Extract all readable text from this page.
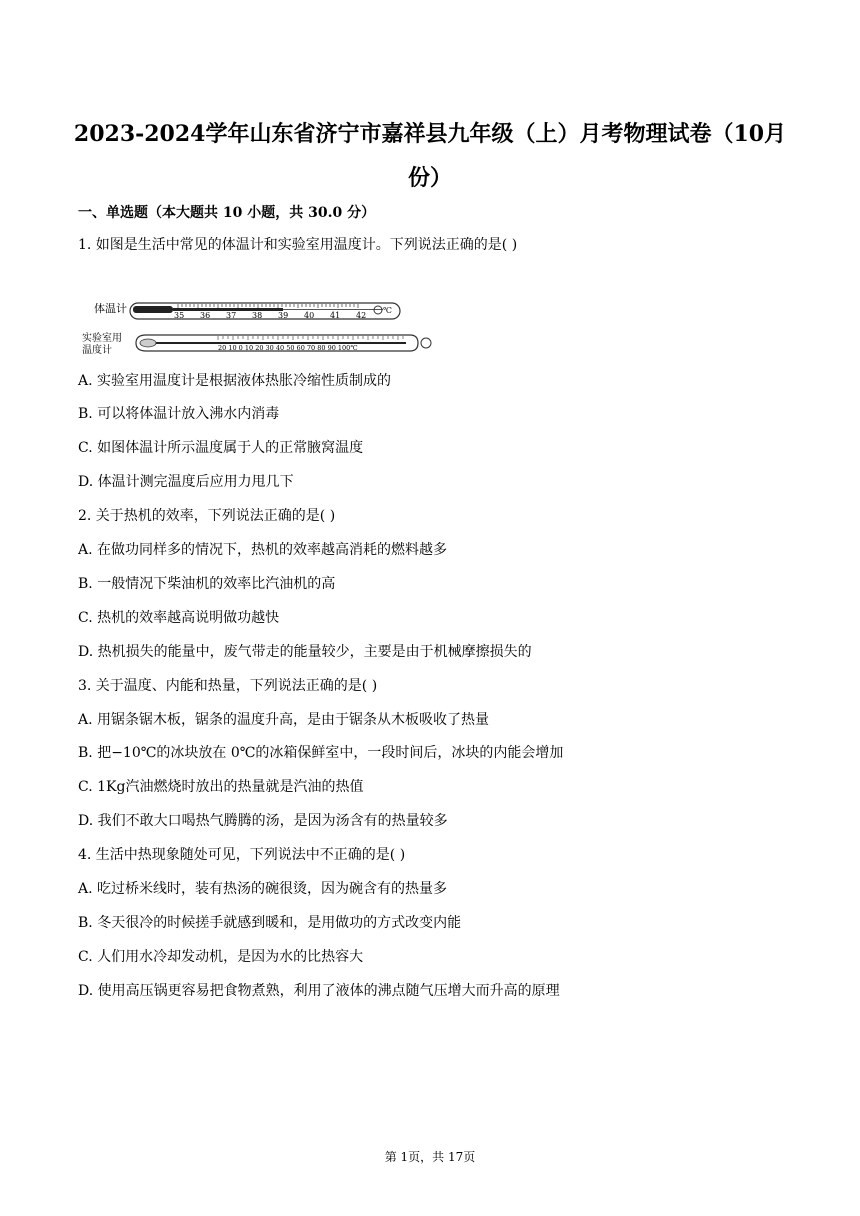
2023-2024学年山东省济宁市嘉祥县九年级（上）月考物理试卷（10月份）
一、单选题（本大题共 10 小题，共 30.0 分）
1. 如图是生活中常见的体温计和实验室用温度计。下列说法正确的是( )
体温计
35 36 37 38 39 40 41 42
℃
实验室用
温度计	20 10 0 10 20 30 40 50 60 70 80 90 100℃
A. 实验室用温度计是根据液体热胀冷缩性质制成的
B. 可以将体温计放入沸水内消毒
C. 如图体温计所示温度属于人的正常腋窝温度
D. 体温计测完温度后应用力甩几下
2. 关于热机的效率，下列说法正确的是( )
A. 在做功同样多的情况下，热机的效率越高消耗的燃料越多
B. 一般情况下柴油机的效率比汽油机的高
C. 热机的效率越高说明做功越快
D. 热机损失的能量中，废气带走的能量较少，主要是由于机械摩擦损失的
3. 关于温度、内能和热量，下列说法正确的是( )
A. 用锯条锯木板，锯条的温度升高，是由于锯条从木板吸收了热量
B. 把−10℃的冰块放在 0℃的冰箱保鲜室中，一段时间后，冰块的内能会增加
C. 1Kg汽油燃烧时放出的热量就是汽油的热值
D. 我们不敢大口喝热气腾腾的汤，是因为汤含有的热量较多
4. 生活中热现象随处可见，下列说法中不正确的是( )
A. 吃过桥米线时，装有热汤的碗很烫，因为碗含有的热量多
B. 冬天很冷的时候搓手就感到暖和，是用做功的方式改变内能
C. 人们用水冷却发动机，是因为水的比热容大
D. 使用高压锅更容易把食物煮熟，利用了液体的沸点随气压增大而升高的原理
第 1页，共 17页
